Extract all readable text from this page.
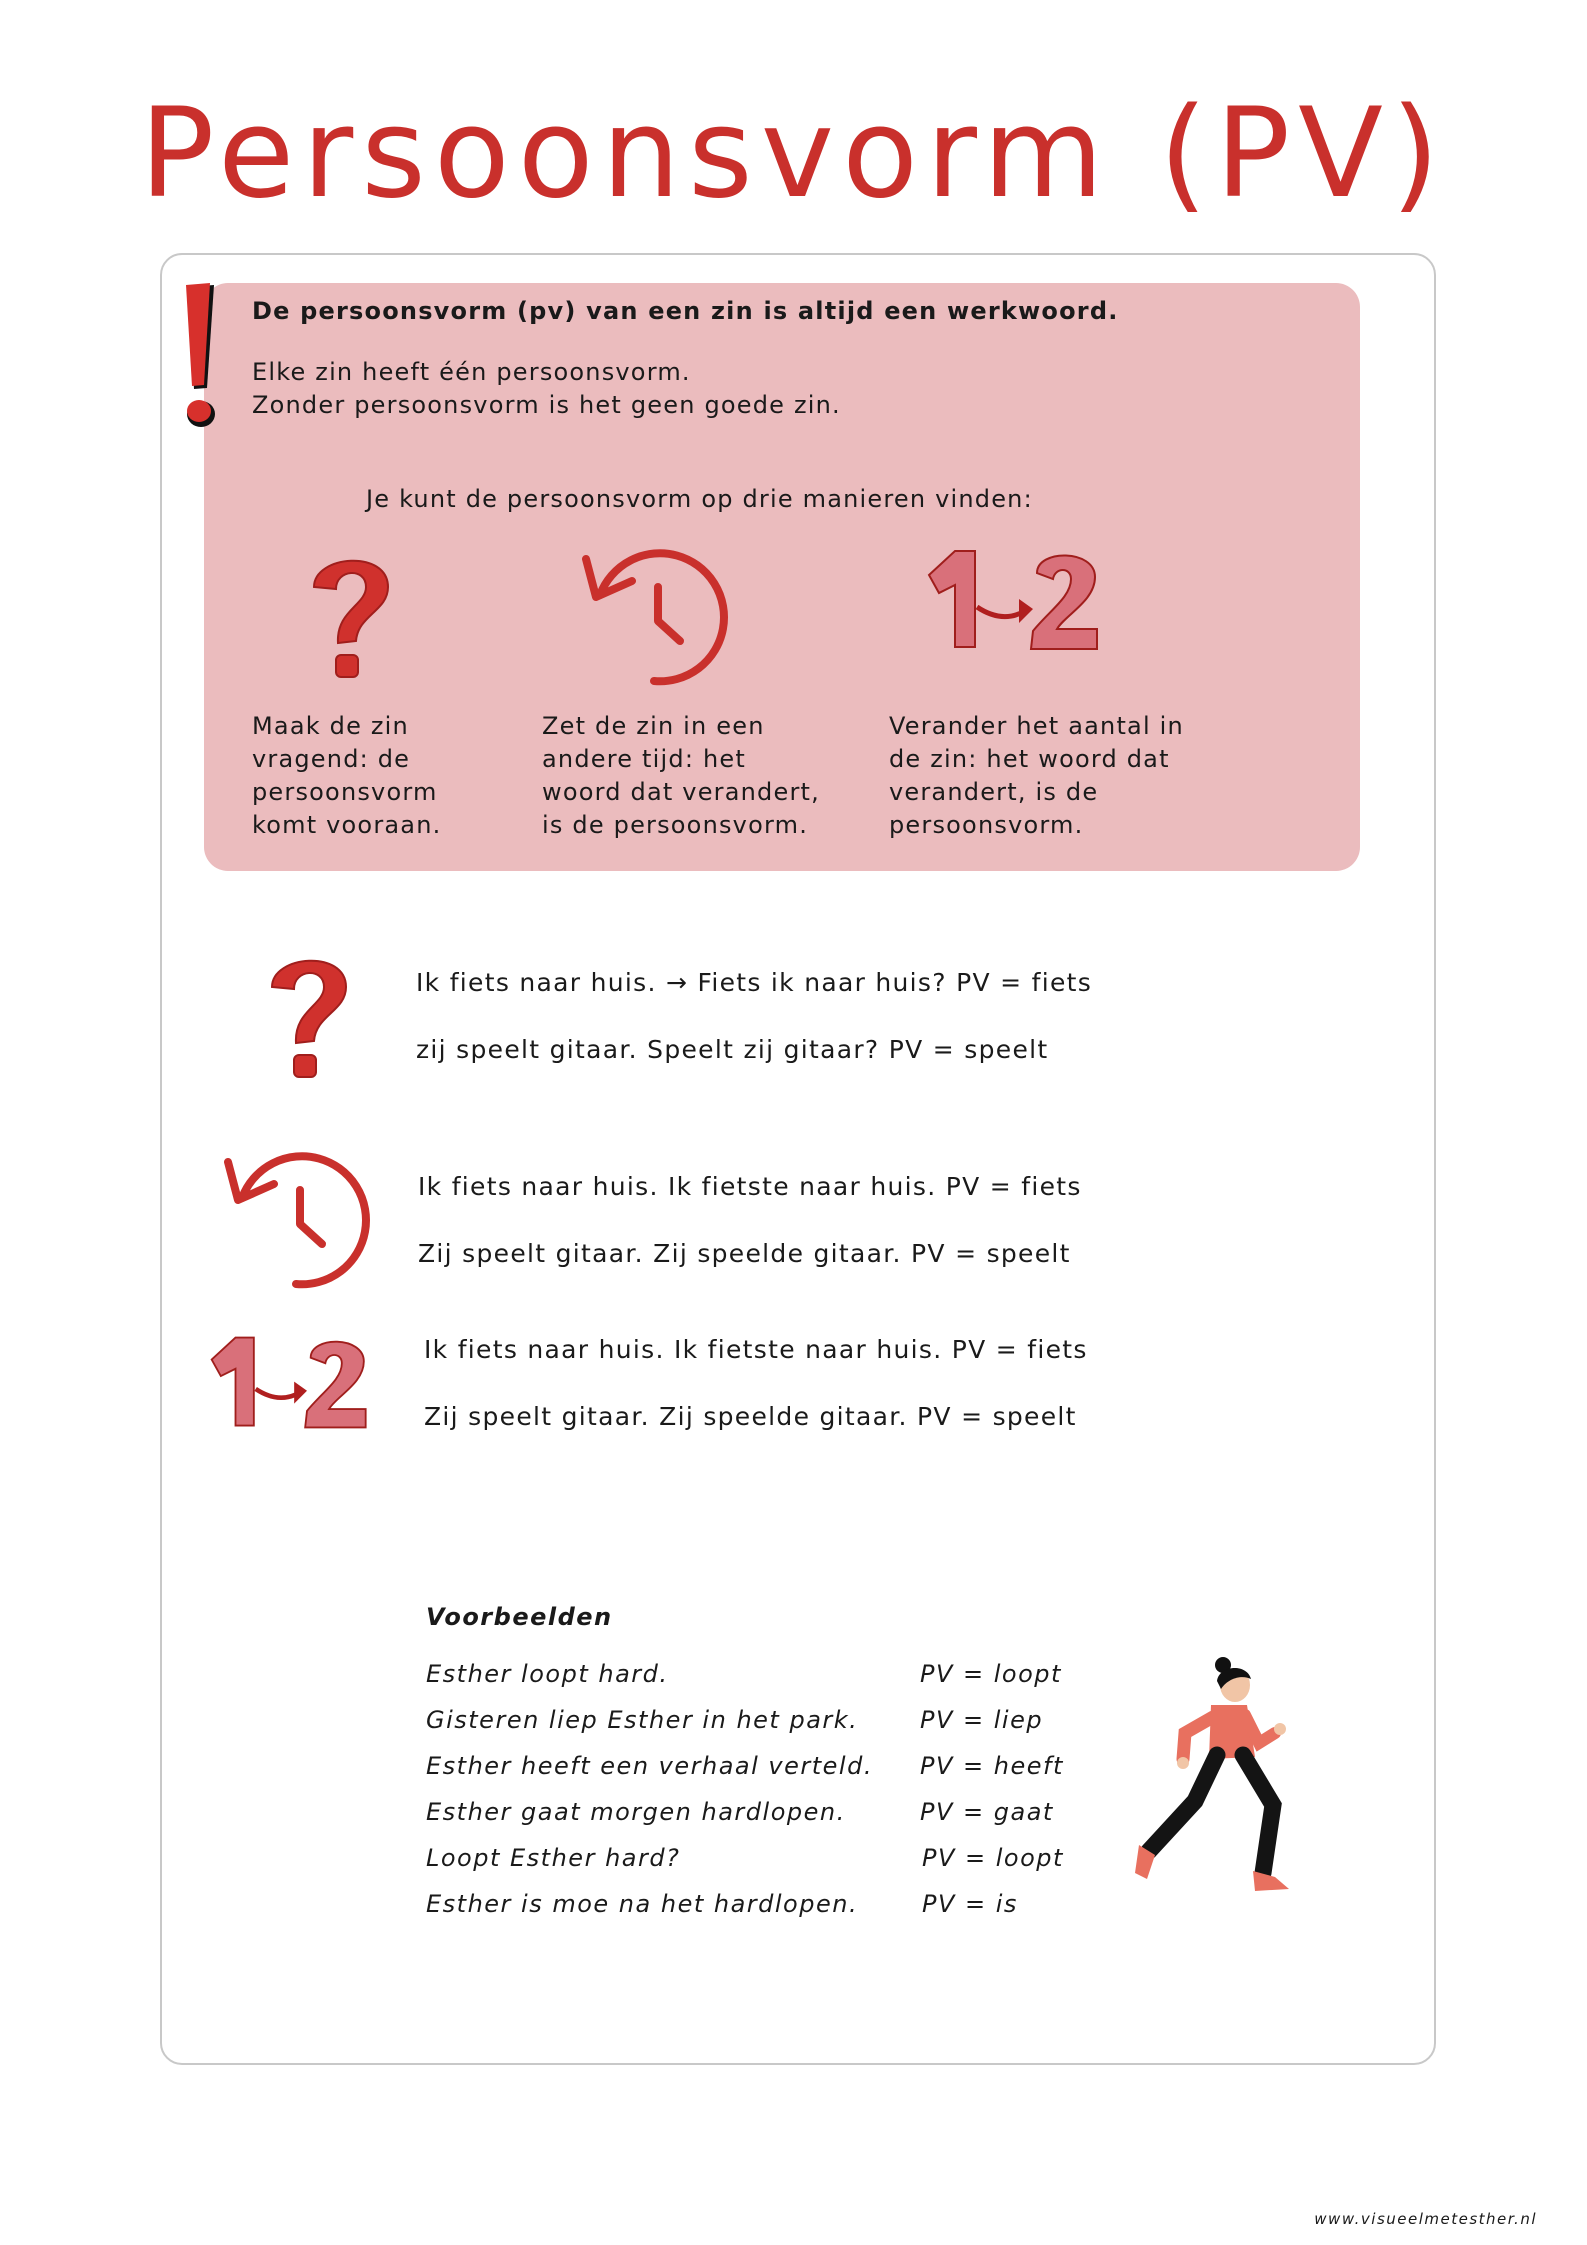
Persoonsvorm (PV)
De persoonsvorm (pv) van een zin is altijd een werkwoord.
Elke zin heeft één persoonsvorm.
Zonder persoonsvorm is het geen goede zin.
Je kunt de persoonsvorm op drie manieren vinden:
Maak de zin vragend: de persoonsvorm komt vooraan.
Zet de zin in een andere tijd: het woord dat verandert, is de persoonsvorm.
Verander het aantal in de zin: het woord dat verandert, is de persoonsvorm.
Ik fiets naar huis. → Fiets ik naar huis? PV = fiets
zij speelt gitaar. Speelt zij gitaar? PV = speelt
Ik fiets naar huis. Ik fietste naar huis. PV = fiets
Zij speelt gitaar. Zij speelde gitaar. PV = speelt
Ik fiets naar huis. Ik fietste naar huis. PV = fiets
Zij speelt gitaar. Zij speelde gitaar. PV = speelt
Voorbeelden
Esther loopt hard.	PV = loopt
Gisteren liep Esther in het park.	PV = liep
Esther heeft een verhaal verteld. PV = heeft
Esther gaat morgen hardlopen.	PV = gaat
Loopt Esther hard?	PV = loopt
Esther is moe na het hardlopen.	PV = is
www.visueelmetesther.nl
